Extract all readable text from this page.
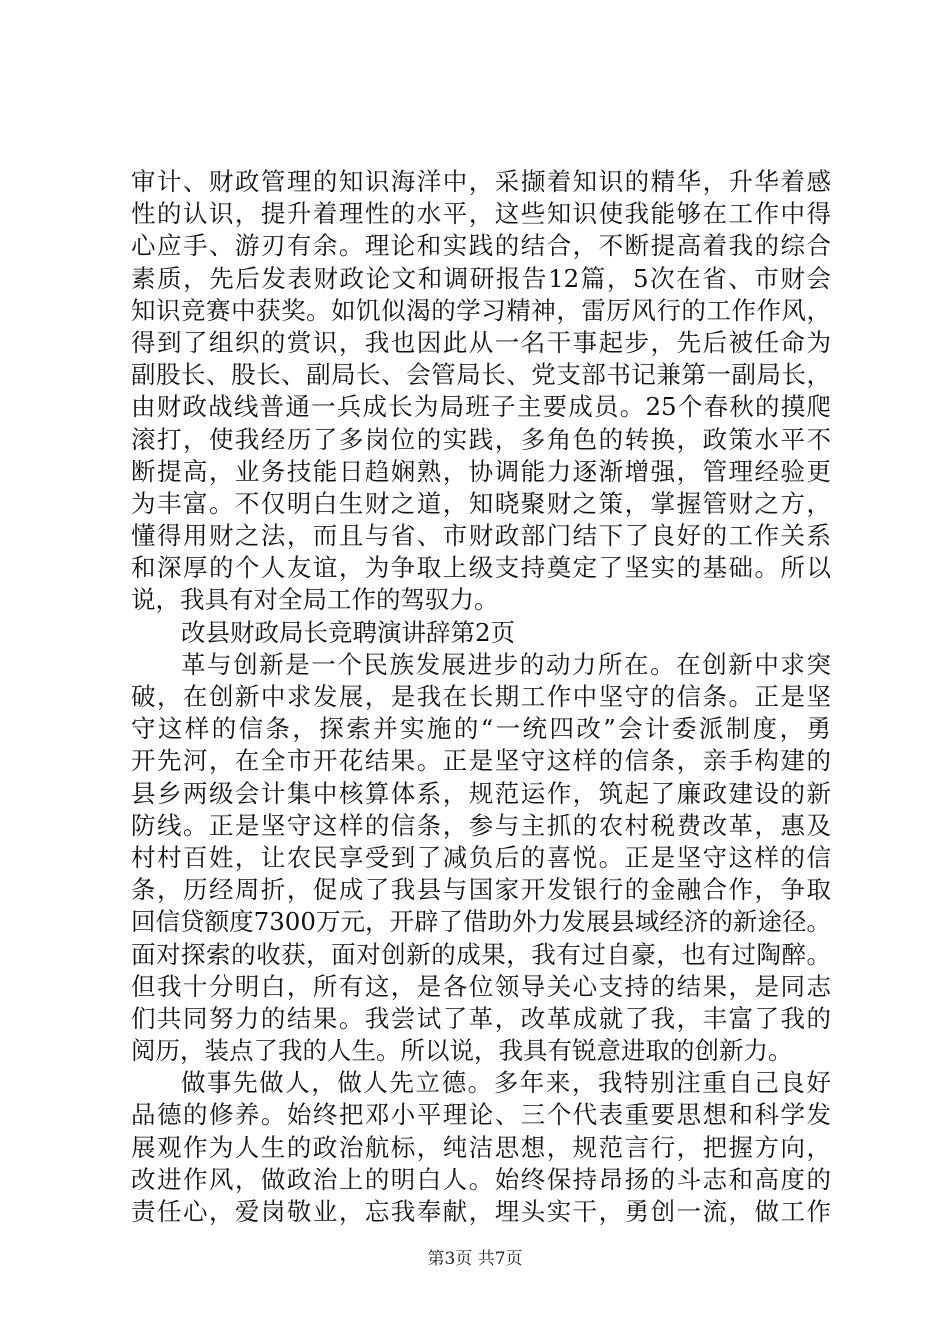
审计、财政管理的知识海洋中，采撷着知识的精华，升华着感
性的认识，提升着理性的水平，这些知识使我能够在工作中得
心应手、游刃有余。理论和实践的结合，不断提高着我的综合
素质，先后发表财政论文和调研报告12篇，5次在省、市财会
知识竞赛中获奖。如饥似渴的学习精神，雷厉风行的工作作风，
得到了组织的赏识，我也因此从一名干事起步，先后被任命为
副股长、股长、副局长、会管局长、党支部书记兼第一副局长，
由财政战线普通一兵成长为局班子主要成员。25个春秋的摸爬
滚打，使我经历了多岗位的实践，多角色的转换，政策水平不
断提高，业务技能日趋娴熟，协调能力逐渐增强，管理经验更
为丰富。不仅明白生财之道，知晓聚财之策，掌握管财之方，
懂得用财之法，而且与省、市财政部门结下了良好的工作关系
和深厚的个人友谊，为争取上级支持奠定了坚实的基础。所以
说，我具有对全局工作的驾驭力。
改县财政局长竞聘演讲辞第2页
革与创新是一个民族发展进步的动力所在。在创新中求突
破，在创新中求发展，是我在长期工作中坚守的信条。正是坚
守这样的信条，探索并实施的“一统四改”会计委派制度，勇
开先河，在全市开花结果。正是坚守这样的信条，亲手构建的
县乡两级会计集中核算体系，规范运作，筑起了廉政建设的新
防线。正是坚守这样的信条，参与主抓的农村税费改革，惠及
村村百姓，让农民享受到了减负后的喜悦。正是坚守这样的信
条，历经周折，促成了我县与国家开发银行的金融合作，争取
回信贷额度7300万元，开辟了借助外力发展县域经济的新途径。
面对探索的收获，面对创新的成果，我有过自豪，也有过陶醉。
但我十分明白，所有这，是各位领导关心支持的结果，是同志
们共同努力的结果。我尝试了革，改革成就了我，丰富了我的
阅历，装点了我的人生。所以说，我具有锐意进取的创新力。
做事先做人，做人先立德。多年来，我特别注重自己良好
品德的修养。始终把邓小平理论、三个代表重要思想和科学发
展观作为人生的政治航标，纯洁思想，规范言行，把握方向，
改进作风，做政治上的明白人。始终保持昂扬的斗志和高度的
责任心，爱岗敬业，忘我奉献，埋头实干，勇创一流，做工作
第3页 共7页
